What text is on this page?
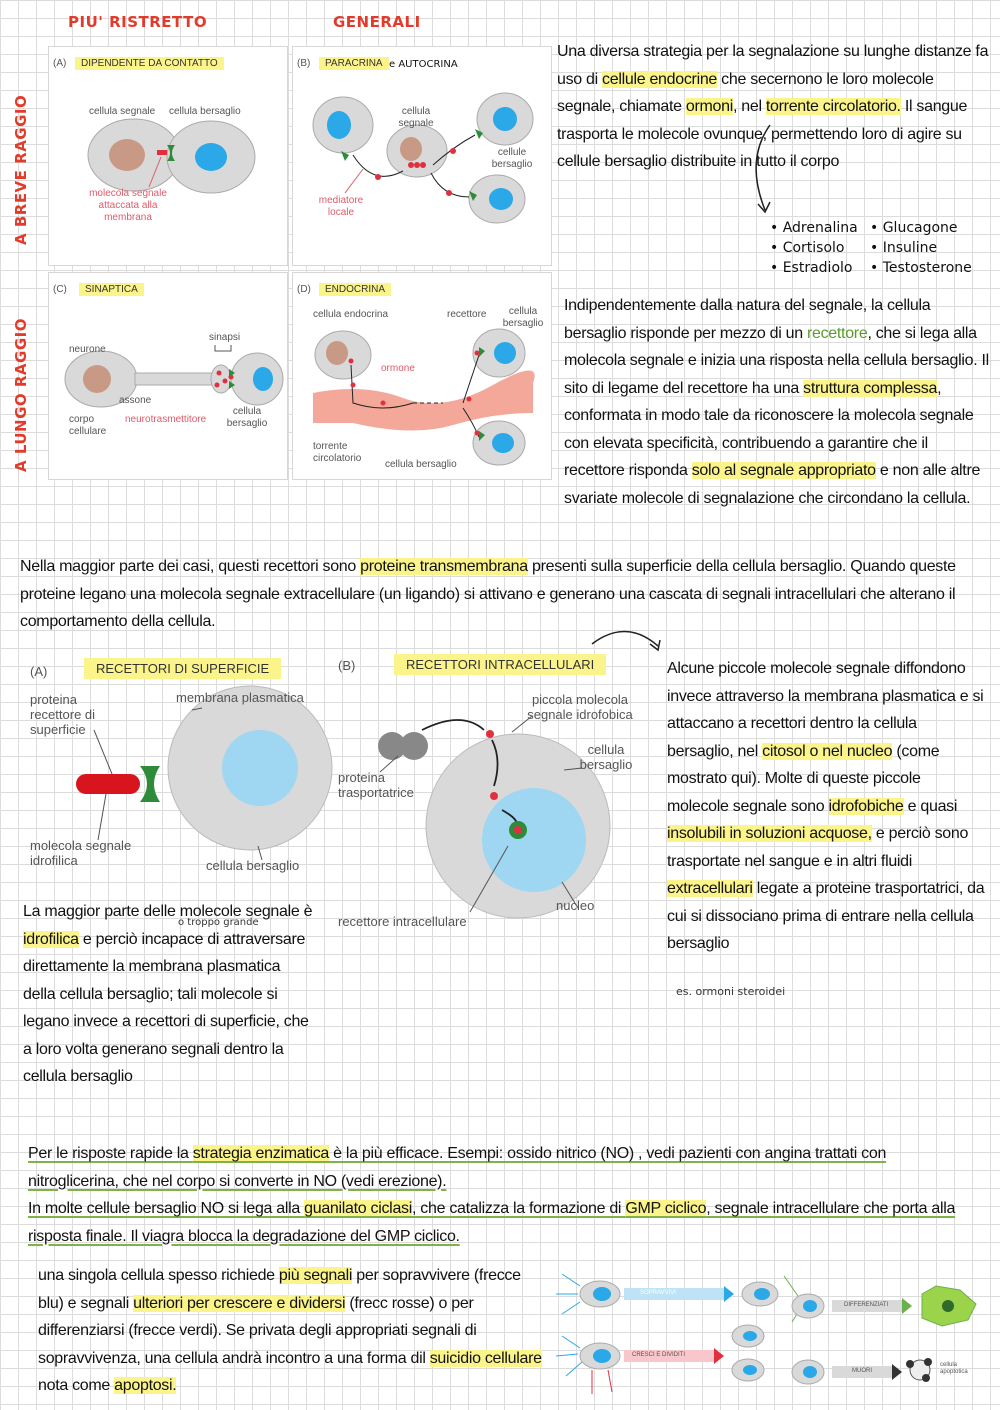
PIU' RISTRETTO	GENERALI
A BREVE RAGGIO
A LUNGO RAGGIO
(A)	DIPENDENTE DA CONTATTO
cellula segnale cellula bersaglio
molecola segnale attaccata alla membrana
(B)	PARACRINA e AUTOCRINA
cellula segnale
cellule bersaglio
mediatore locale
(C)	SINAPTICA
neurone
sinapsi
assone
corpo cellulare
neurotrasmettitore
cellula bersaglio
(D)	ENDOCRINA
cellula endocrina	recettore	cellula bersaglio
ormone
torrente circolatorio
cellula bersaglio
Una diversa strategia per la segnalazione su lunghe distanze fa uso di cellule endocrine che secernono le loro molecole segnale, chiamate ormoni, nel torrente circolatorio. Il sangue trasporta le molecole ovunque, permettendo loro di agire su cellule bersaglio distribuite in tutto il corpo
• Adrenalina
• Cortisolo
• Estradiolo
• Glucagone
• Insuline
• Testosterone
Indipendentemente dalla natura del segnale, la cellula bersaglio risponde per mezzo di un recettore, che si lega alla molecola segnale e inizia una risposta nella cellula bersaglio. Il sito di legame del recettore ha una struttura complessa, conformata in modo tale da riconoscere la molecola segnale con elevata specificità, contribuendo a garantire che il recettore risponda solo al segnale appropriato e non alle altre svariate molecole di segnalazione che circondano la cellula.
Nella maggior parte dei casi, questi recettori sono proteine transmembrana presenti sulla superficie della cellula bersaglio. Quando queste proteine legano una molecola segnale extracellulare (un ligando) si attivano e generano una cascata di segnali intracellulari che alterano il comportamento della cellula.
(A)	RECETTORI DI SUPERFICIE	(B)	RECETTORI INTRACELLULARI
proteina recettore di superficie
membrana plasmatica
molecola segnale idrofilica	cellula bersaglio
piccola molecola segnale idrofobica
proteina trasportatrice
cellula bersaglio
nucleo
recettore intracellulare
Alcune piccole molecole segnale diffondono invece attraverso la membrana plasmatica e si attaccano a recettori dentro la cellula bersaglio, nel citosol o nel nucleo (come mostrato qui). Molte di queste piccole molecole segnale sono idrofobiche e quasi insolubili in soluzioni acquose, e perciò sono trasportate nel sangue e in altri fluidi extracellulari legate a proteine trasportatrici, da cui si dissociano prima di entrare nella cellula bersaglio
es. ormoni steroidei
o troppo grande
La maggior parte delle molecole segnale è idrofilica e perciò incapace di attraversare direttamente la membrana plasmatica della cellula bersaglio; tali molecole si legano invece a recettori di superficie, che a loro volta generano segnali dentro la cellula bersaglio
Per le risposte rapide la strategia enzimatica è la più efficace. Esempi: ossido nitrico (NO) , vedi pazienti con angina trattati con nitroglicerina, che nel corpo si converte in NO (vedi erezione).
In molte cellule bersaglio NO si lega alla guanilato ciclasi, che catalizza la formazione di GMP ciclico, segnale intracellulare che porta alla risposta finale. Il viagra blocca la degradazione del GMP ciclico.
una singola cellula spesso richiede più segnali per sopravvivere (frecce blu) e segnali ulteriori per crescere e dividersi (frecc rosse) o per differenziarsi (frecce verdi). Se privata degli appropriati segnali di sopravvivenza, una cellula andrà incontro a una forma dil suicidio cellulare nota come apoptosi.
SOPRAVVIVI
CRESCI E DIVIDITI
DIFFERENZIATI
MUORI
cellula apoptotica
